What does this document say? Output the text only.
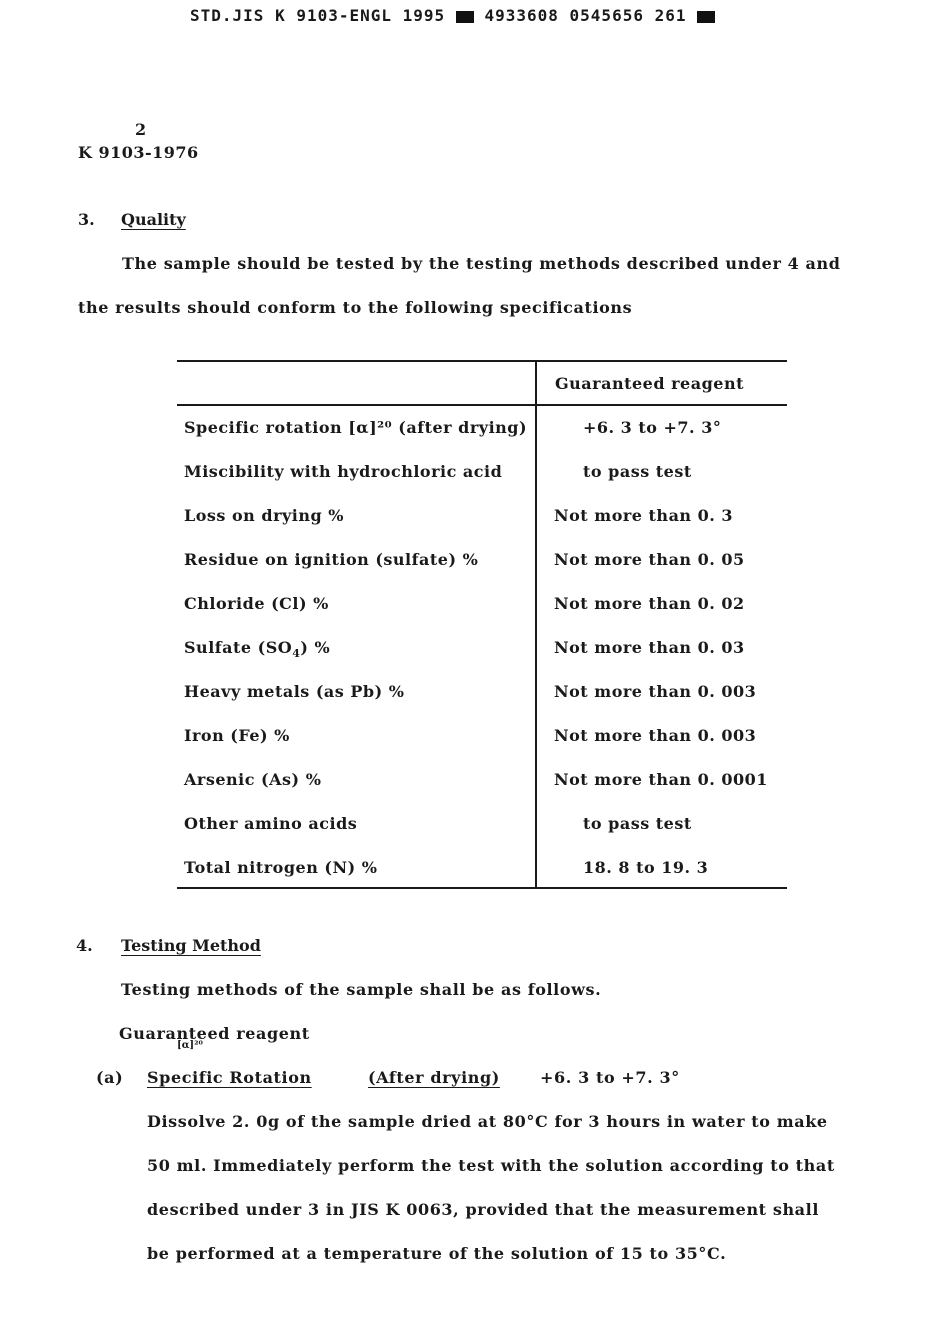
STD.JIS K 9103-ENGL 1995 4933608 0545656 261
2
K 9103-1976
3. Quality
The sample should be tested by the testing methods described under 4 and
the results should conform to the following specifications
Guaranteed reagent
Specific rotation [α]²⁰ (after drying)	+6. 3 to +7. 3°
Miscibility with hydrochloric acid	to pass test
Loss on drying %	Not more than 0. 3
Residue on ignition (sulfate) %	Not more than 0. 05
Chloride (Cl) %	Not more than 0. 02
Sulfate $(SO_4)$ %	Not more than 0. 03
Heavy metals (as Pb) %	Not more than 0. 003
Iron (Fe) %	Not more than 0. 003
Arsenic (As) %	Not more than 0. 0001
Other amino acids	to pass test
Total nitrogen (N) %	18. 8 to 19. 3
4. Testing Method
Testing methods of the sample shall be as follows.
Guaranteed reagent
[α]²⁰
(a) Specific Rotation	(After drying)	+6. 3 to +7. 3°
Dissolve 2. 0g of the sample dried at 80°C for 3 hours in water to make
50 ml. Immediately perform the test with the solution according to that
described under 3 in JIS K 0063, provided that the measurement shall
be performed at a temperature of the solution of 15 to 35°C.
